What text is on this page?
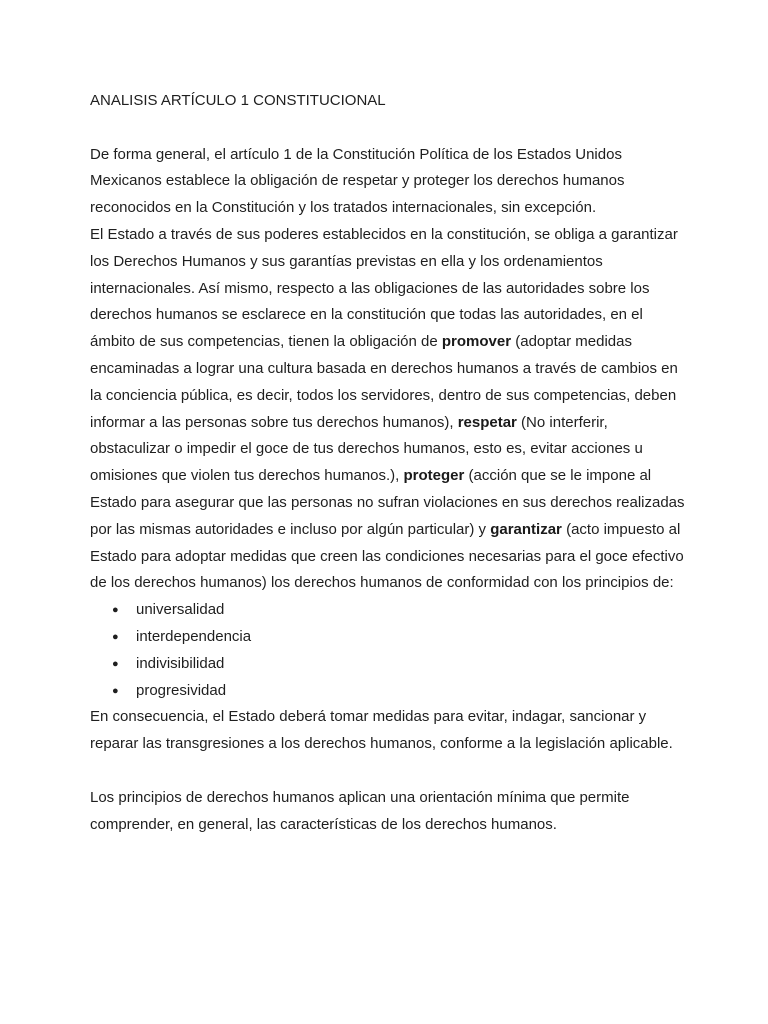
ANALISIS ARTÍCULO 1 CONSTITUCIONAL

De forma general, el artículo 1 de la Constitución Política de los Estados Unidos Mexicanos establece la obligación de respetar y proteger los derechos humanos reconocidos en la Constitución y los tratados internacionales, sin excepción.

El Estado a través de sus poderes establecidos en la constitución, se obliga a garantizar los Derechos Humanos y sus garantías previstas en ella y los ordenamientos internacionales. Así mismo, respecto a las obligaciones de las autoridades sobre los derechos humanos se esclarece en la constitución que todas las autoridades, en el ámbito de sus competencias, tienen la obligación de promover (adoptar medidas encaminadas a lograr una cultura basada en derechos humanos a través de cambios en la conciencia pública, es decir, todos los servidores, dentro de sus competencias, deben informar a las personas sobre tus derechos humanos), respetar (No interferir, obstaculizar o impedir el goce de tus derechos humanos, esto es, evitar acciones u omisiones que violen tus derechos humanos.), proteger (acción que se le impone al Estado para asegurar que las personas no sufran violaciones en sus derechos realizadas por las mismas autoridades e incluso por algún particular) y garantizar (acto impuesto al Estado para adoptar medidas que creen las condiciones necesarias para el goce efectivo de los derechos humanos) los derechos humanos de conformidad con los principios de:

● universalidad
● interdependencia
● indivisibilidad
● progresividad

En consecuencia, el Estado deberá tomar medidas para evitar, indagar, sancionar y reparar las transgresiones a los derechos humanos, conforme a la legislación aplicable.

Los principios de derechos humanos aplican una orientación mínima que permite comprender, en general, las características de los derechos humanos.
